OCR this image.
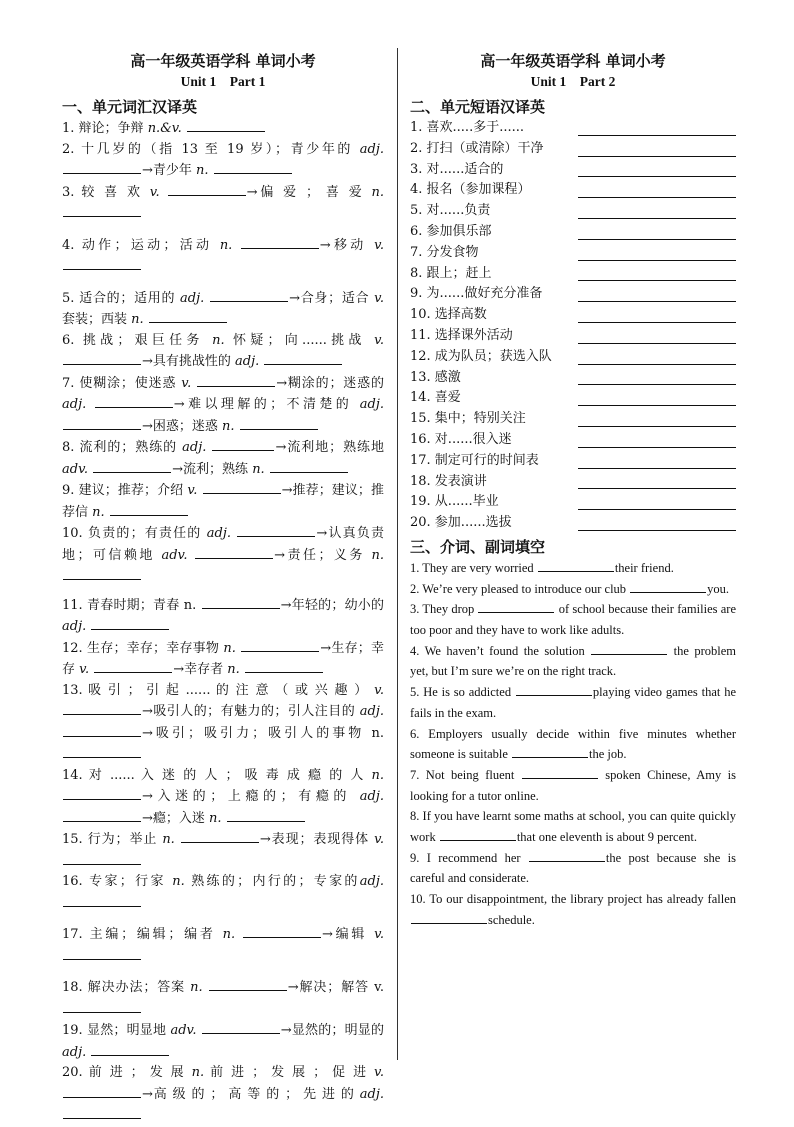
高一年级英语学科 单词小考
Unit 1　Part 1
一、单元词汇汉译英

1. 辩论；争辩 n.&v.

2. 十几岁的（指 13 至 19 岁）；青少年的 adj. →青少年 n.

3. 较 喜 欢 v.	→偏 爱 ； 喜 爱 n.

4. 动作；运动；活动 n.	→移动 v.

5. 适合的；适用的 adj.	→合身；适合 v. 套装；西装 n.

6. 挑战；艰巨任务 n. 怀疑；向......挑战 v. →具有挑战性的 adj.

7. 使糊涂；使迷惑 v.	→糊涂的；迷惑的 adj.	→难以理解的；不清楚的 adj. →困惑；迷惑 n.

8. 流利的；熟练的 adj.	→流利地；熟练地 adv.	→流利；熟练 n.

9. 建议；推荐；介绍 v.	→推荐；建议；推荐信 n.

10. 负责的；有责任的 adj.	→认真负责地；可信赖地 adv.	→责任；义务 n.

11. 青春时期；青春 n.	→年轻的；幼小的 adj.

12. 生存；幸存；幸存事物 n.	→生存；幸存 v.	→幸存者 n.

13. 吸 引 ； 引 起 ...... 的 注 意 （ 或 兴 趣 ） v. →吸引人的；有魅力的；引人注目的 adj. →吸引；吸引力；吸引人的事物 n.

14. 对 ...... 入 迷 的 人 ； 吸 毒 成 瘾 的 人 n. →入迷的；上瘾的；有瘾的 adj. →瘾；入迷 n.

15. 行为；举止 n.	→表现；表现得体 v.

16. 专家；行家 n. 熟练的；内行的；专家的adj.

17. 主编；编辑；编者 n.	→编辑 v.

18. 解决办法；答案 n.	→解决；解答 v.

19. 显然；明显地 adv.	→显然的；明显的 adj.

20. 前 进 ； 发 展 n. 前 进 ； 发 展 ； 促 进 v. →高 级 的 ； 高 等 的 ； 先 进 的 adj.

高一年级英语学科 单词小考
Unit 1　Part 2
二、单元短语汉译英
1. 喜欢.....多于......
2. 打扫（或清除）干净
3. 对......适合的
4. 报名（参加课程）
5. 对......负责
6. 参加俱乐部
7. 分发食物
8. 跟上；赶上
9. 为......做好充分准备
10. 选择高数
11. 选择课外活动
12. 成为队员；获选入队
13. 感激
14. 喜爱
15. 集中；特别关注
16. 对......很入迷
17. 制定可行的时间表
18. 发表演讲
19. 从......毕业
20. 参加......选拔
三、介词、副词填空

1. They are very worried	their friend.

2. We’re very pleased to introduce our club	you.

3. They drop	of school because their families are too poor and they have to work like adults.

4. We haven’t found the solution	the problem yet, but I’m sure we’re on the right track.

5. He is so addicted	playing video games that he fails in the exam.

6. Employers usually decide within five minutes whether someone is suitable	the job.

7. Not being fluent	spoken Chinese, Amy is looking for a tutor online.

8. If you have learnt some maths at school, you can quite quickly work	that one eleventh is about 9 percent.

9. I recommend her	the post because she is careful and considerate.

10. To our disappointment, the library project has already fallen schedule.
